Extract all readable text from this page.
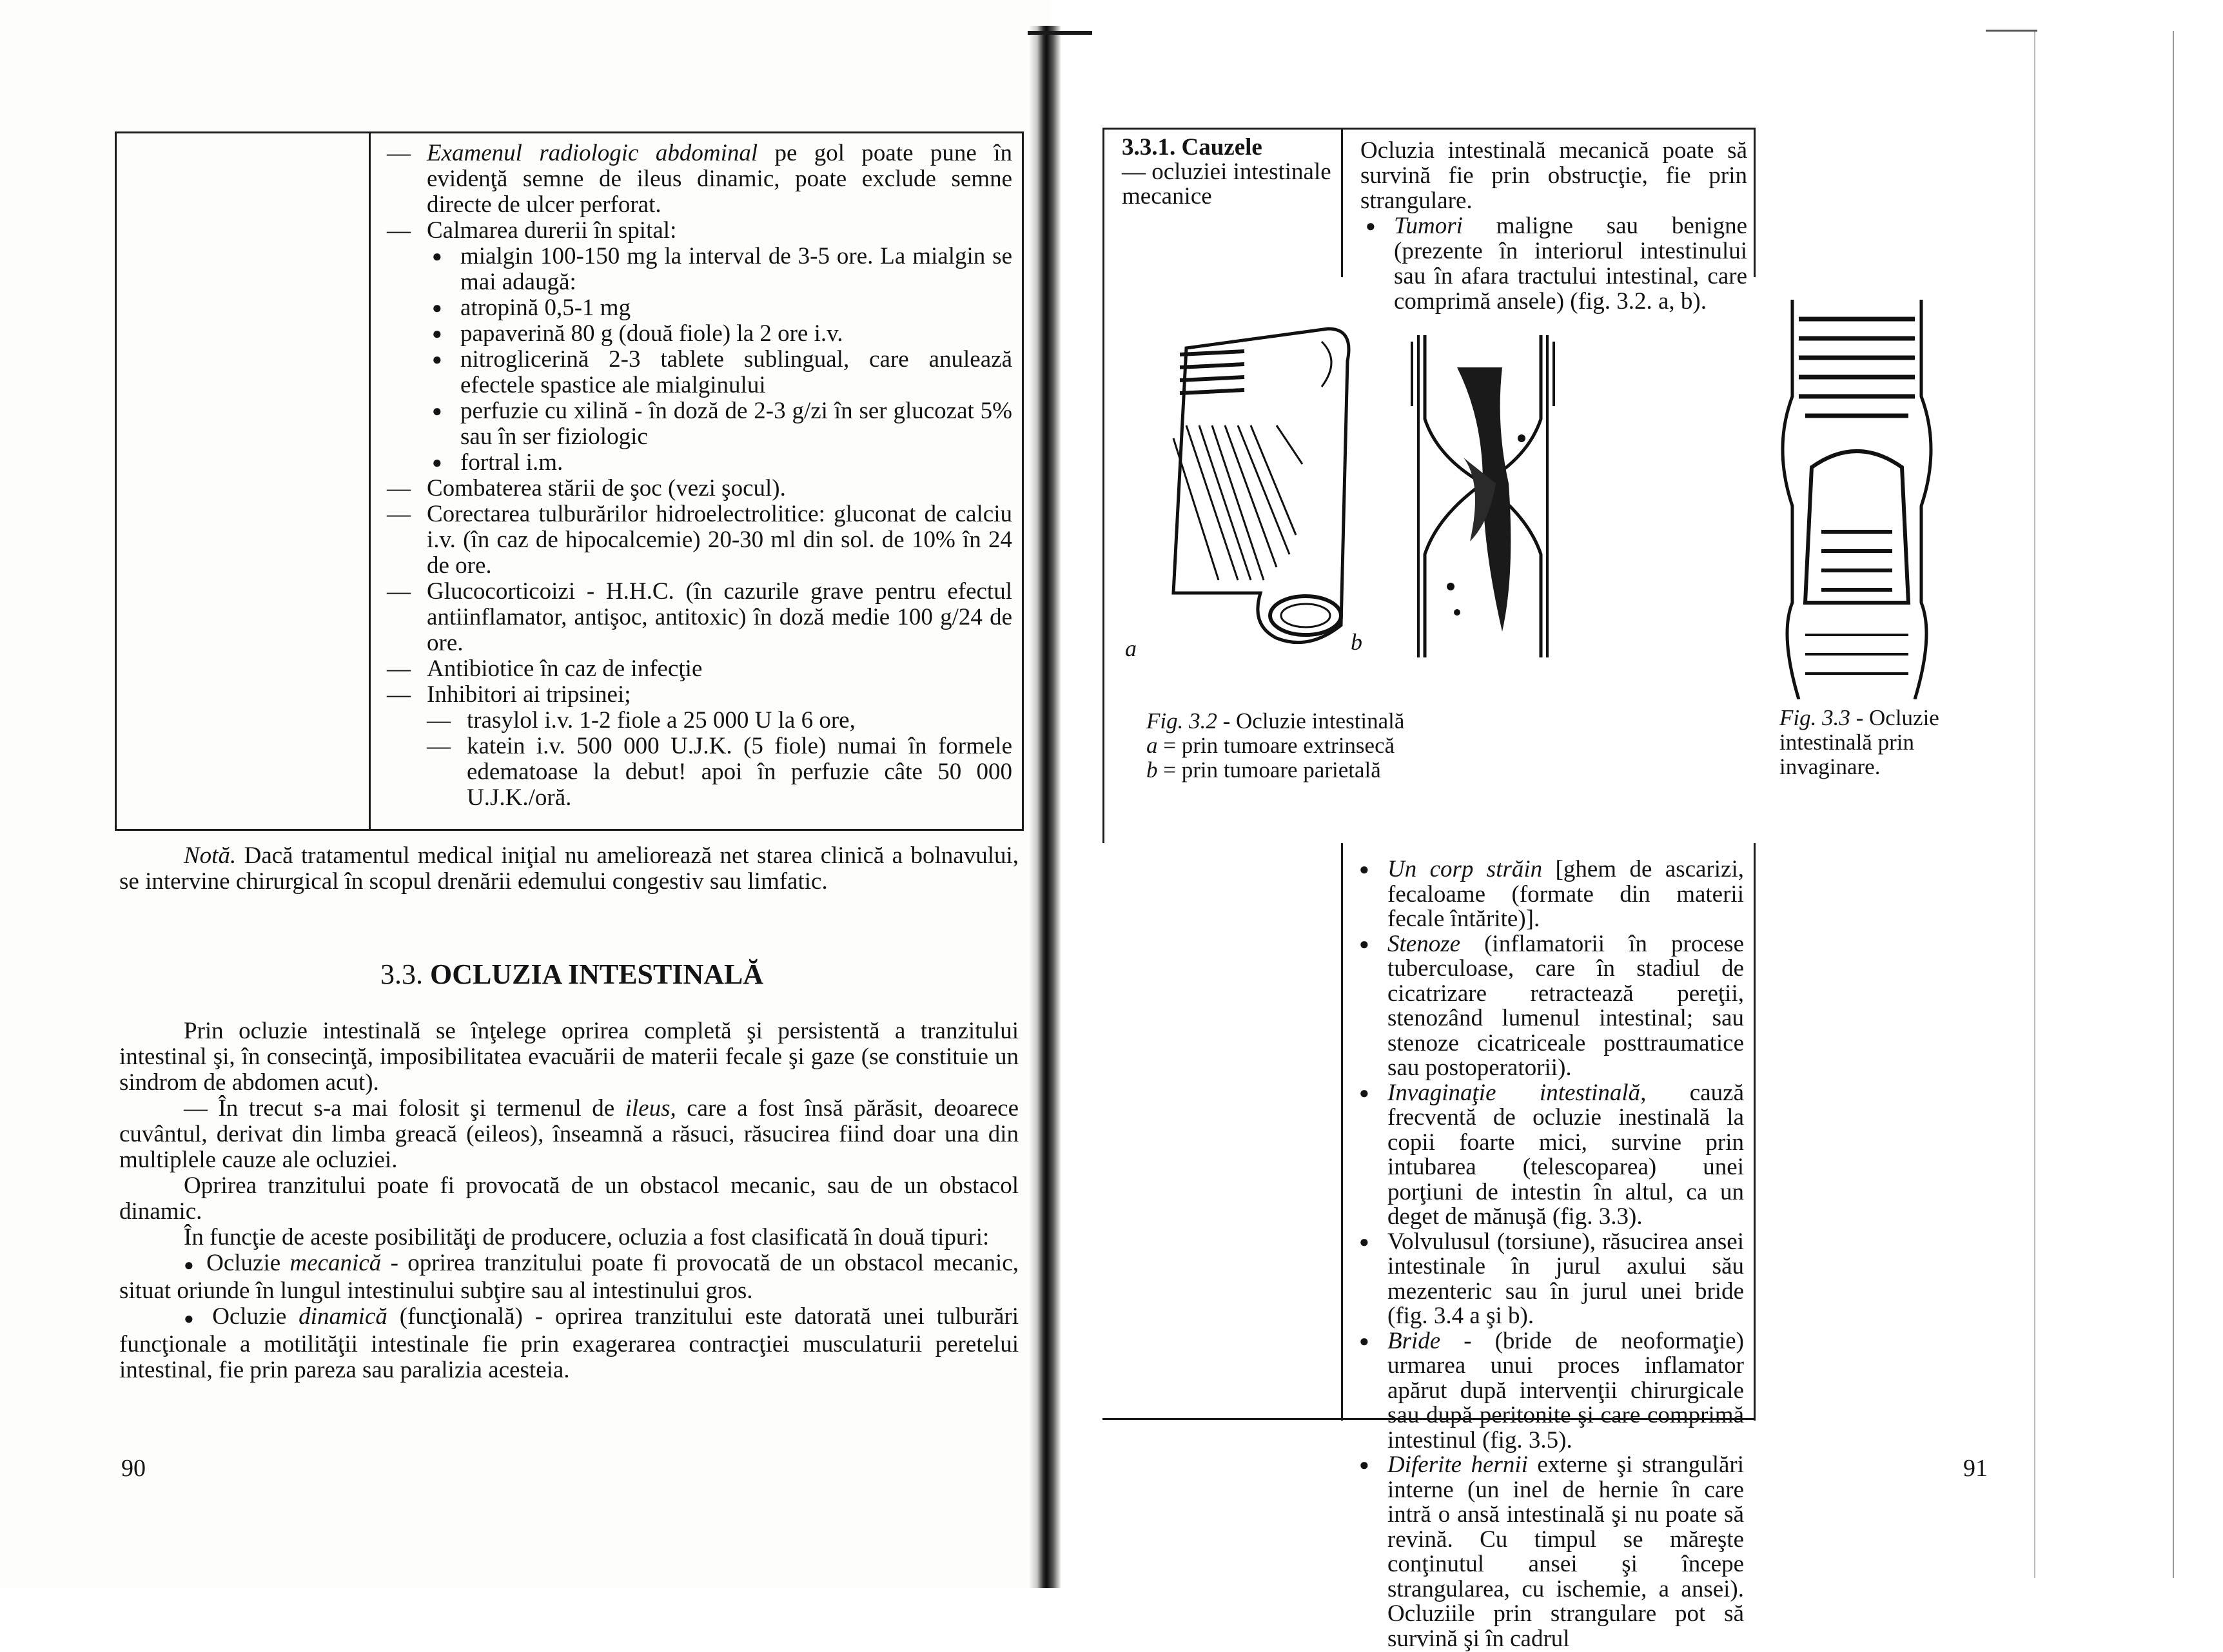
— Examenul radiologic abdominal pe gol poate pune în evidenţă semne de ileus dinamic, poate exclude semne directe de ulcer perforat.
— Calmarea durerii în spital:
● mialgin 100-150 mg la interval de 3-5 ore. La mialgin se mai adaugă:
● atropină 0,5-1 mg
● papaverină 80 g (două fiole) la 2 ore i.v.
● nitroglicerină 2-3 tablete sublingual, care anulează efectele spastice ale mialginului
● perfuzie cu xilină - în doză de 2-3 g/zi în ser glucozat 5% sau în ser fiziologic
● fortral i.m.
— Combaterea stării de şoc (vezi şocul).
— Corectarea tulburărilor hidroelectrolitice: gluconat de calciu i.v. (în caz de hipocalcemie) 20-30 ml din sol. de 10% în 24 de ore.
— Glucocorticoizi - H.H.C. (în cazurile grave pentru efectul antiinflamator, antişoc, antitoxic) în doză medie 100 g/24 de ore.
— Antibiotice în caz de infecţie
— Inhibitori ai tripsinei;
— trasylol i.v. 1-2 fiole a 25 000 U la 6 ore,
— katein i.v. 500 000 U.J.K. (5 fiole) numai în formele edematoase la debut! apoi în perfuzie câte 50 000 U.J.K./oră.

Notă. Dacă tratamentul medical iniţial nu ameliorează net starea clinică a bolnavului, se intervine chirurgical în scopul drenării edemului congestiv sau limfatic.

3.3. OCLUZIA INTESTINALĂ

Prin ocluzie intestinală se înţelege oprirea completă şi persistentă a tranzitului intestinal şi, în consecinţă, imposibilitatea evacuării de materii fecale şi gaze (se constituie un sindrom de abdomen acut).

— În trecut s-a mai folosit şi termenul de ileus, care a fost însă părăsit, deoarece cuvântul, derivat din limba greacă (eileos), înseamnă a răsuci, răsucirea fiind doar una din multiplele cauze ale ocluziei.

Oprirea tranzitului poate fi provocată de un obstacol mecanic, sau de un obstacol dinamic.

În funcţie de aceste posibilităţi de producere, ocluzia a fost clasificată în două tipuri:

● Ocluzie mecanică - oprirea tranzitului poate fi provocată de un obstacol mecanic, situat oriunde în lungul intestinului subţire sau al intestinului gros.

● Ocluzie dinamică (funcţională) - oprirea tranzitului este datorată unei tulburări funcţionale a motilităţii intestinale fie prin exagerarea contracţiei musculaturii peretelui intestinal, fie prin pareza sau paralizia acesteia.

90
3.3.1. Cauzele
— ocluziei intestinale mecanice

Ocluzia intestinală mecanică poate să survină fie prin obstrucţie, fie prin strangulare.

● Tumori maligne sau benigne (prezente în interiorul intestinului sau în afara tractului intestinal, care comprimă ansele) (fig. 3.2. a, b).
a	b
Fig. 3.2 - Ocluzie intestinală
a = prin tumoare extrinsecă
b = prin tumoare parietală
Fig. 3.3 - Ocluzie intestinală prin invaginare.
● Un corp străin [ghem de ascarizi, fecaloame (formate din materii fecale întărite)].
● Stenoze (inflamatorii în procese tuberculoase, care în stadiul de cicatrizare retractează pereţii, stenozând lumenul intestinal; sau stenoze cicatriceale posttraumatice sau postoperatorii).
● Invaginaţie intestinală, cauză frecventă de ocluzie inestinală la copii foarte mici, survine prin intubarea (telescoparea) unei porţiuni de intestin în altul, ca un deget de mănuşă (fig. 3.3).
● Volvulusul (torsiune), răsucirea ansei intestinale în jurul axului său mezenteric sau în jurul unei bride (fig. 3.4 a şi b).
● Bride - (bride de neoformaţie) urmarea unui proces inflamator apărut după intervenţii chirurgicale sau după peritonite şi care comprimă intestinul (fig. 3.5).
● Diferite hernii externe şi strangulări interne (un inel de hernie în care intră o ansă intestinală şi nu poate să revină. Cu timpul se măreşte conţinutul ansei şi începe strangularea, cu ischemie, a ansei). Ocluziile prin strangulare pot să survină şi în cadrul
91
